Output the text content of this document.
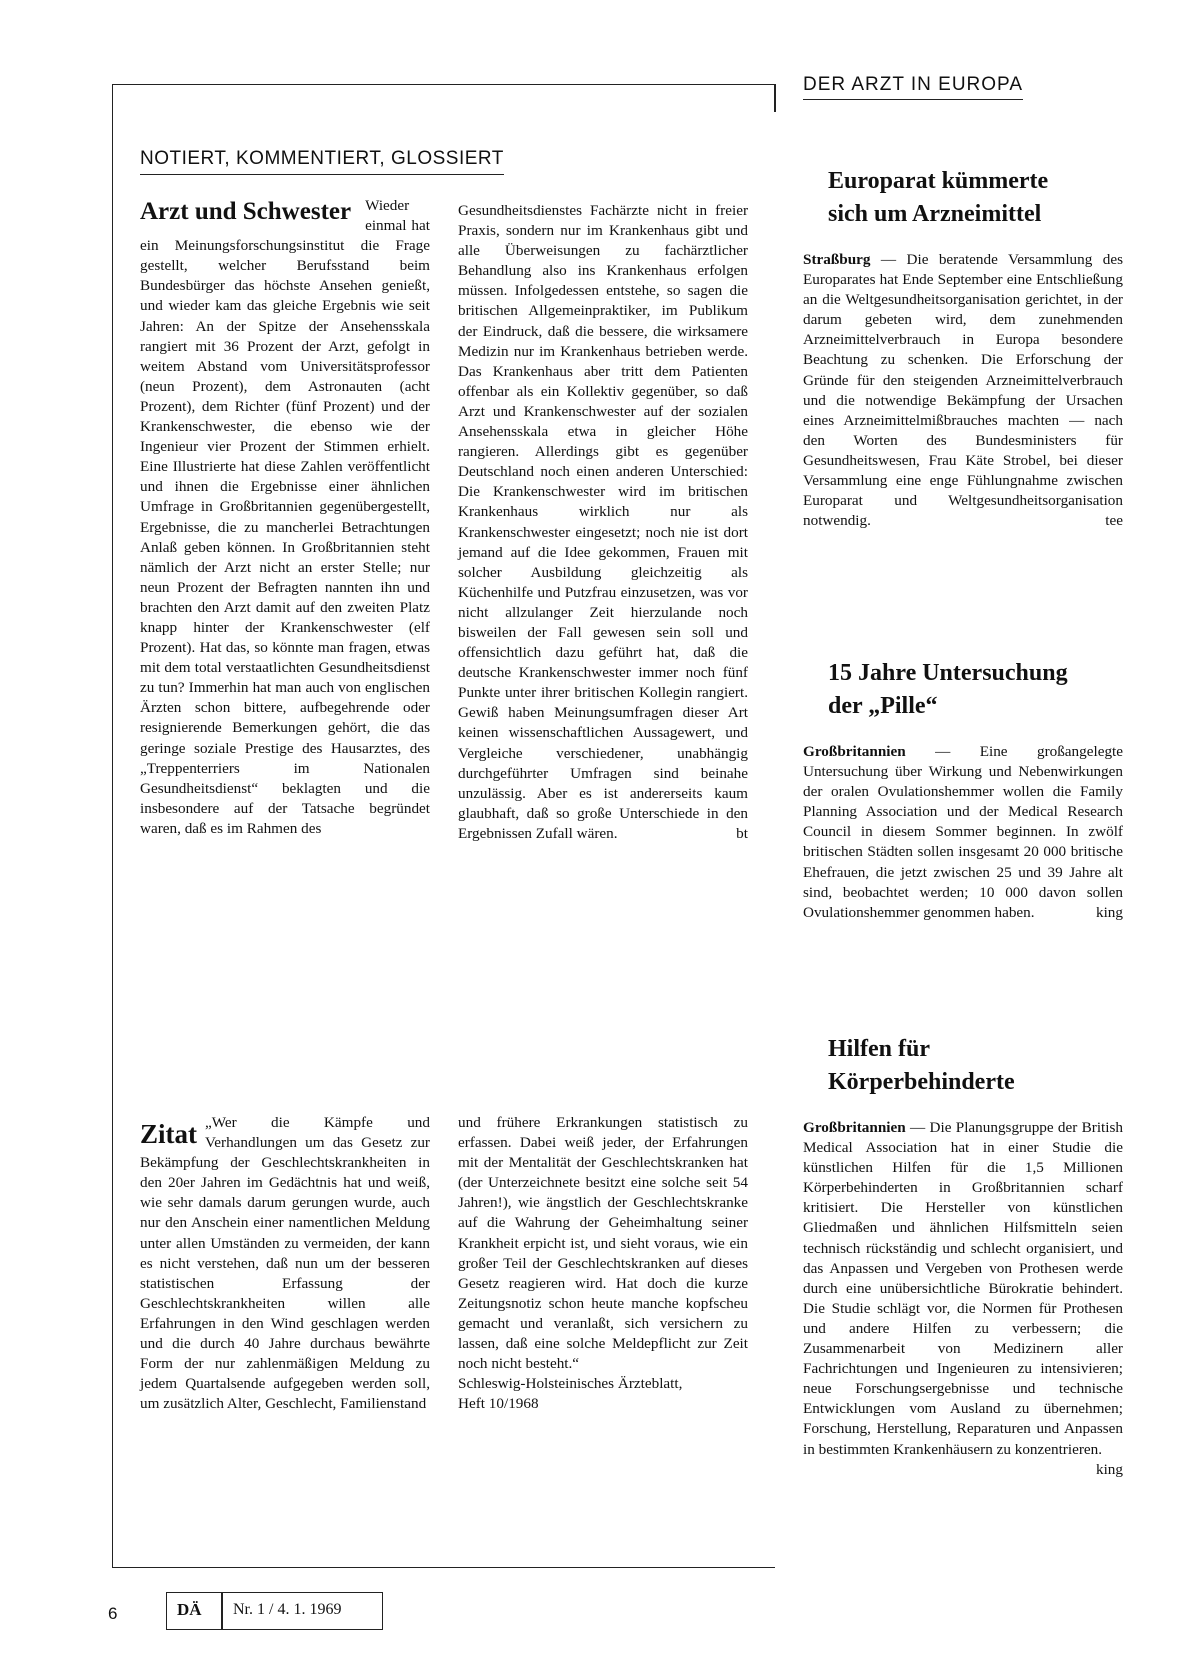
DER ARZT IN EUROPA
NOTIERT, KOMMENTIERT, GLOSSIERT
Arzt und Schwester Wieder einmal hat ein Meinungsforschungsinstitut die Frage gestellt, welcher Berufsstand beim Bundesbürger das höchste Ansehen genießt, und wieder kam das gleiche Ergebnis wie seit Jahren: An der Spitze der Ansehensskala rangiert mit 36 Prozent der Arzt, gefolgt in weitem Abstand vom Universitätsprofessor (neun Prozent), dem Astronauten (acht Prozent), dem Richter (fünf Prozent) und der Krankenschwester, die ebenso wie der Ingenieur vier Prozent der Stimmen erhielt. Eine Illustrierte hat diese Zahlen veröffentlicht und ihnen die Ergebnisse einer ähnlichen Umfrage in Großbritannien gegenübergestellt, Ergebnisse, die zu mancherlei Betrachtungen Anlaß geben können. In Großbritannien steht nämlich der Arzt nicht an erster Stelle; nur neun Prozent der Befragten nannten ihn und brachten den Arzt damit auf den zweiten Platz knapp hinter der Krankenschwester (elf Prozent). Hat das, so könnte man fragen, etwas mit dem total verstaatlichten Gesundheitsdienst zu tun? Immerhin hat man auch von englischen Ärzten schon bittere, aufbegehrende oder resignierende Bemerkungen gehört, die das geringe soziale Prestige des Hausarztes, des „Treppenterriers im Nationalen Gesundheitsdienst“ beklagten und die insbesondere auf der Tatsache begründet waren, daß es im Rahmen des
Gesundheitsdienstes Fachärzte nicht in freier Praxis, sondern nur im Krankenhaus gibt und alle Überweisungen zu fachärztlicher Behandlung also ins Krankenhaus erfolgen müssen. Infolgedessen entstehe, so sagen die britischen Allgemeinpraktiker, im Publikum der Eindruck, daß die bessere, die wirksamere Medizin nur im Krankenhaus betrieben werde. Das Krankenhaus aber tritt dem Patienten offenbar als ein Kollektiv gegenüber, so daß Arzt und Krankenschwester auf der sozialen Ansehensskala etwa in gleicher Höhe rangieren. Allerdings gibt es gegenüber Deutschland noch einen anderen Unterschied: Die Krankenschwester wird im britischen Krankenhaus wirklich nur als Krankenschwester eingesetzt; noch nie ist dort jemand auf die Idee gekommen, Frauen mit solcher Ausbildung gleichzeitig als Küchenhilfe und Putzfrau einzusetzen, was vor nicht allzulanger Zeit hierzulande noch bisweilen der Fall gewesen sein soll und offensichtlich dazu geführt hat, daß die deutsche Krankenschwester immer noch fünf Punkte unter ihrer britischen Kollegin rangiert. Gewiß haben Meinungsumfragen dieser Art keinen wissenschaftlichen Aussagewert, und Vergleiche verschiedener, unabhängig durchgeführter Umfragen sind beinahe unzulässig. Aber es ist andererseits kaum glaubhaft, daß so große Unterschiede in den Ergebnissen Zufall wären.	bt
Zitat „Wer die Kämpfe und Verhandlungen um das Gesetz zur Bekämpfung der Geschlechtskrankheiten in den 20er Jahren im Gedächtnis hat und weiß, wie sehr damals darum gerungen wurde, auch nur den Anschein einer namentlichen Meldung unter allen Umständen zu vermeiden, der kann es nicht verstehen, daß nun um der besseren statistischen Erfassung der Geschlechtskrankheiten willen alle Erfahrungen in den Wind geschlagen werden und die durch 40 Jahre durchaus bewährte Form der nur zahlenmäßigen Meldung zu jedem Quartalsende aufgegeben werden soll, um zusätzlich Alter, Geschlecht, Familienstand
und frühere Erkrankungen statistisch zu erfassen. Dabei weiß jeder, der Erfahrungen mit der Mentalität der Geschlechtskranken hat (der Unterzeichnete besitzt eine solche seit 54 Jahren!), wie ängstlich der Geschlechtskranke auf die Wahrung der Geheimhaltung seiner Krankheit erpicht ist, und sieht voraus, wie ein großer Teil der Geschlechtskranken auf dieses Gesetz reagieren wird. Hat doch die kurze Zeitungsnotiz schon heute manche kopfscheu gemacht und veranlaßt, sich versichern zu lassen, daß eine solche Meldepflicht zur Zeit noch nicht besteht.“

Schleswig-Holsteinisches Ärzteblatt,

Heft 10/1968

Europarat kümmerte
sich um Arzneimittel
Straßburg — Die beratende Versammlung des Europarates hat Ende September eine Entschließung an die Weltgesundheitsorganisation gerichtet, in der darum gebeten wird, dem zunehmenden Arzneimittelverbrauch in Europa besondere Beachtung zu schenken. Die Erforschung der Gründe für den steigenden Arzneimittelverbrauch und die notwendige Bekämpfung der Ursachen eines Arzneimittelmißbrauches machten — nach den Worten des Bundesministers für Gesundheitswesen, Frau Käte Strobel, bei dieser Versammlung eine enge Fühlungnahme zwischen Europarat und Weltgesundheitsorganisation notwendig.	tee
15 Jahre Untersuchung
der „Pille“
Großbritannien — Eine großangelegte Untersuchung über Wirkung und Nebenwirkungen der oralen Ovulationshemmer wollen die Family Planning Association und der Medical Research Council in diesem Sommer beginnen. In zwölf britischen Städten sollen insgesamt 20 000 britische Ehefrauen, die jetzt zwischen 25 und 39 Jahre alt sind, beobachtet werden; 10 000 davon sollen Ovulationshemmer genommen haben.	king
Hilfen für
Körperbehinderte
Großbritannien — Die Planungsgruppe der British Medical Association hat in einer Studie die künstlichen Hilfen für die 1,5 Millionen Körperbehinderten in Großbritannien scharf kritisiert. Die Hersteller von künstlichen Gliedmaßen und ähnlichen Hilfsmitteln seien technisch rückständig und schlecht organisiert, und das Anpassen und Vergeben von Prothesen werde durch eine unübersichtliche Bürokratie behindert. Die Studie schlägt vor, die Normen für Prothesen und andere Hilfen zu verbessern; die Zusammenarbeit von Medizinern aller Fachrichtungen und Ingenieuren zu intensivieren; neue Forschungsergebnisse und technische Entwicklungen vom Ausland zu übernehmen; Forschung, Herstellung, Reparaturen und Anpassen in bestimmten Krankenhäusern zu konzentrieren.
king
6	DÄ Nr. 1 / 4. 1. 1969
